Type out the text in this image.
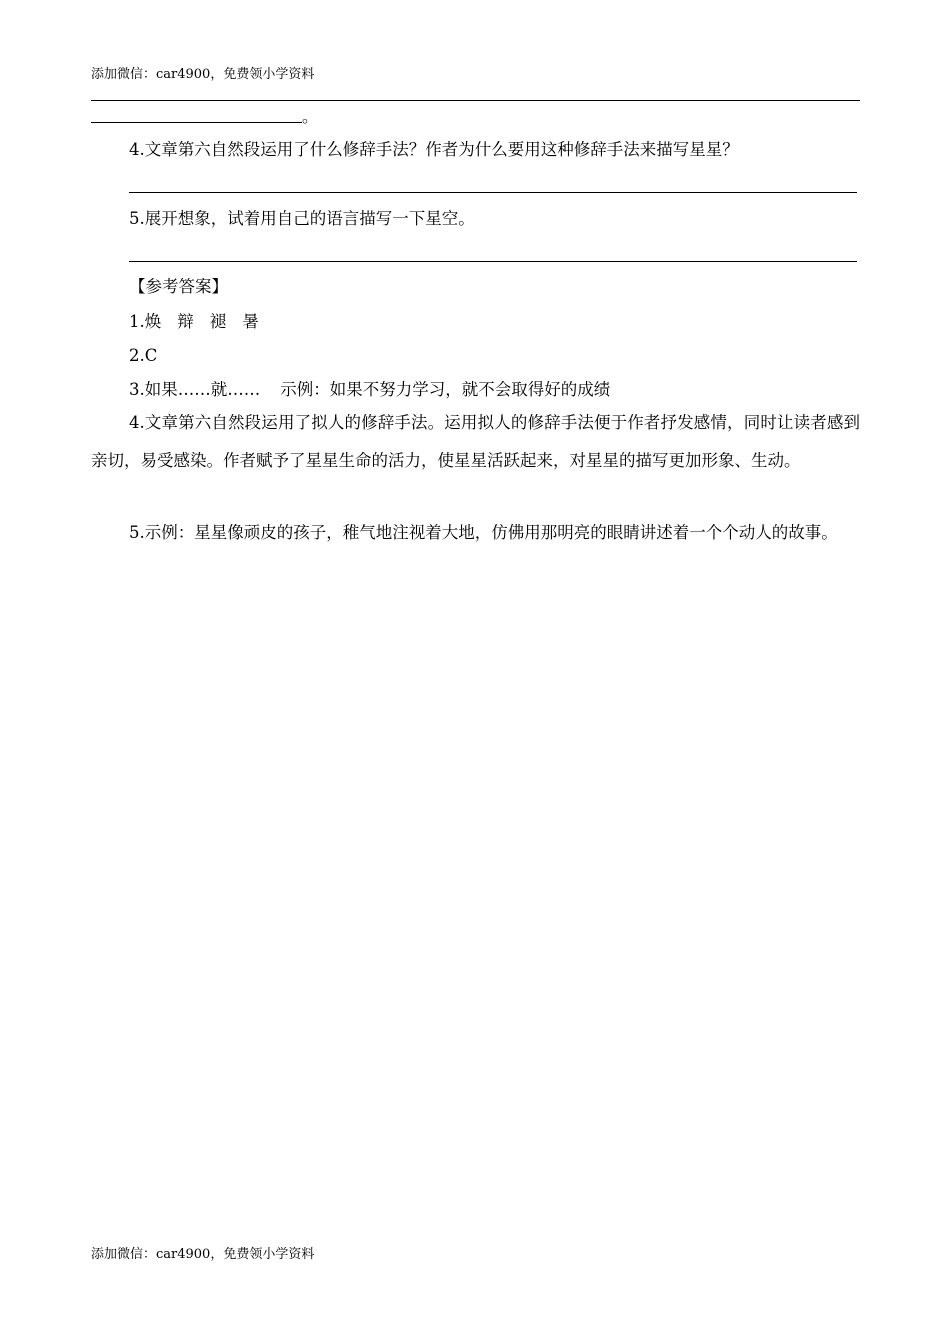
添加微信：car4900，免费领小学资料
。
4.文章第六自然段运用了什么修辞手法？作者为什么要用这种修辞手法来描写星星？
5.展开想象，试着用自己的语言描写一下星空。
【参考答案】
1.焕 辩 褪 暑
2.C
3.如果……就…… 示例：如果不努力学习，就不会取得好的成绩
4.文章第六自然段运用了拟人的修辞手法。运用拟人的修辞手法便于作者抒发感情，同时让读者感到亲切，易受感染。作者赋予了星星生命的活力，使星星活跃起来，对星星的描写更加形象、生动。
5.示例：星星像顽皮的孩子，稚气地注视着大地，仿佛用那明亮的眼睛讲述着一个个动人的故事。
添加微信：car4900，免费领小学资料
